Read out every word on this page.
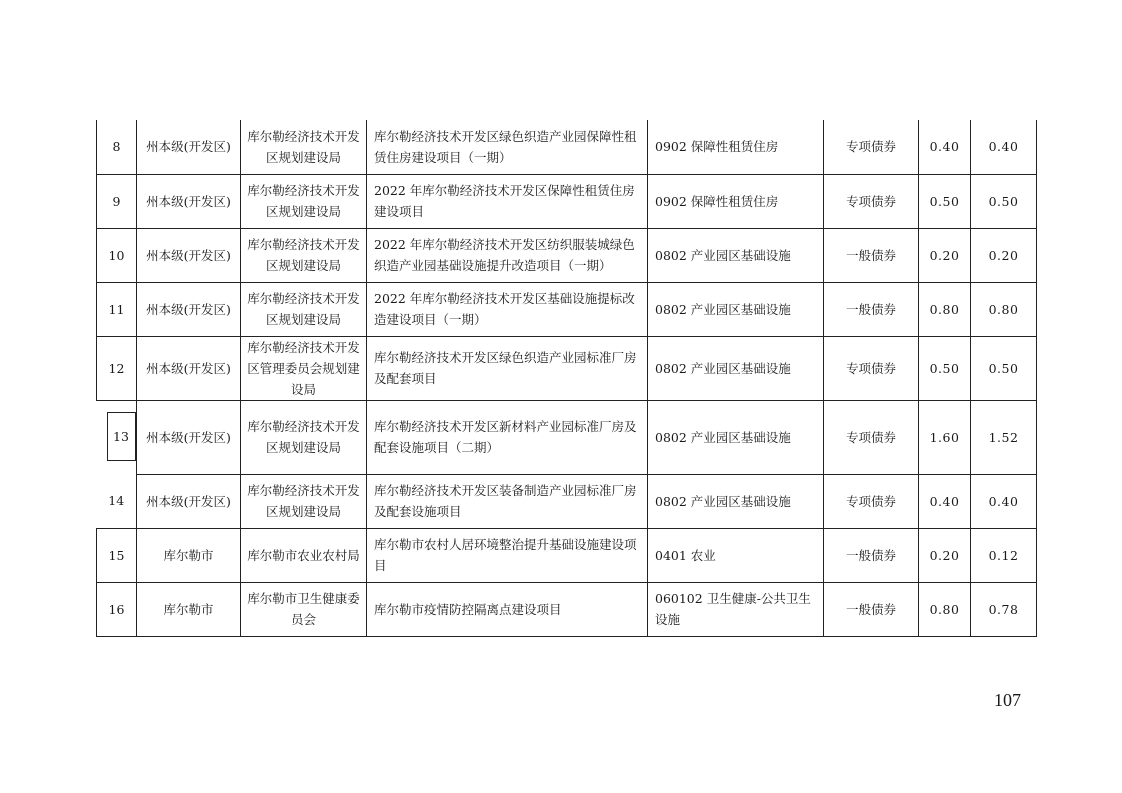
8	州本级(开发区)	库尔勒经济技术开发区规划建设局	库尔勒经济技术开发区绿色织造产业园保障性租赁住房建设项目（一期）	0902 保障性租赁住房	专项债券	0.40	0.40
9	州本级(开发区)	库尔勒经济技术开发区规划建设局	2022 年库尔勒经济技术开发区保障性租赁住房建设项目	0902 保障性租赁住房	专项债券	0.50	0.50
10	州本级(开发区)	库尔勒经济技术开发区规划建设局	2022 年库尔勒经济技术开发区纺织服装城绿色织造产业园基础设施提升改造项目（一期）	0802 产业园区基础设施	一般债券	0.20	0.20
11	州本级(开发区)	库尔勒经济技术开发区规划建设局	2022 年库尔勒经济技术开发区基础设施提标改造建设项目（一期）	0802 产业园区基础设施	一般债券	0.80	0.80
12	州本级(开发区)	库尔勒经济技术开发区管理委员会规划建设局	库尔勒经济技术开发区绿色织造产业园标准厂房及配套项目	0802 产业园区基础设施	专项债券	0.50	0.50

13	州本级(开发区)	库尔勒经济技术开发区规划建设局	库尔勒经济技术开发区新材料产业园标准厂房及配套设施项目（二期）	0802 产业园区基础设施	专项债券	1.60	1.52
14	州本级(开发区)	库尔勒经济技术开发区规划建设局	库尔勒经济技术开发区装备制造产业园标准厂房及配套设施项目	0802 产业园区基础设施	专项债券	0.40	0.40
15	库尔勒市	库尔勒市农业农村局	库尔勒市农村人居环境整治提升基础设施建设项目	0401 农业	一般债券	0.20	0.12
16	库尔勒市	库尔勒市卫生健康委员会	库尔勒市疫情防控隔离点建设项目	060102 卫生健康-公共卫生设施	一般债券	0.80	0.78
107
